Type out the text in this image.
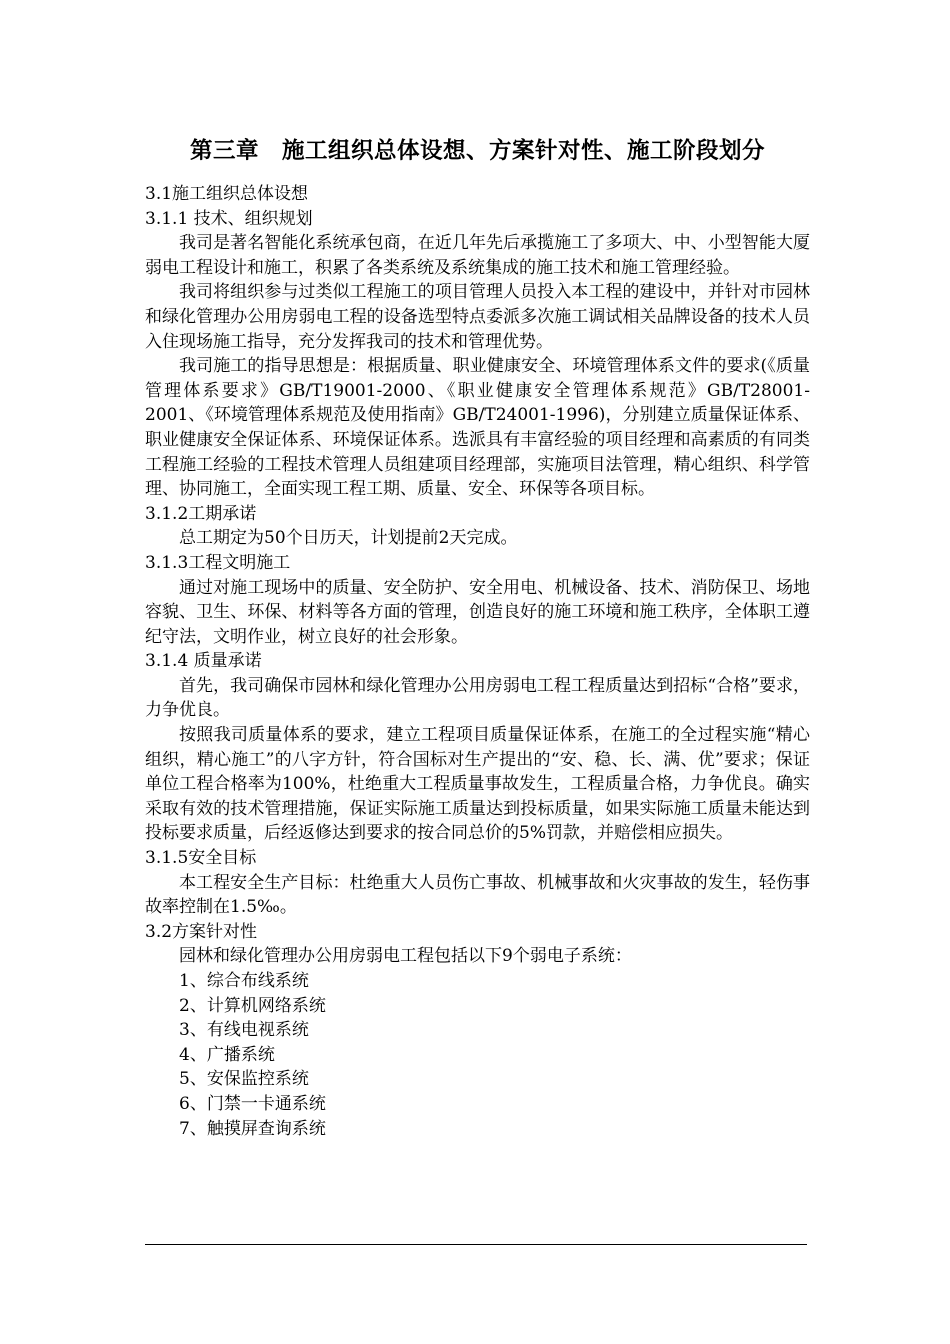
第三章　施工组织总体设想、方案针对性、施工阶段划分
3.1施工组织总体设想
3.1.1 技术、组织规划
我司是著名智能化系统承包商，在近几年先后承揽施工了多项大、中、小型智能大厦弱电工程设计和施工，积累了各类系统及系统集成的施工技术和施工管理经验。
我司将组织参与过类似工程施工的项目管理人员投入本工程的建设中，并针对市园林和绿化管理办公用房弱电工程的设备选型特点委派多次施工调试相关品牌设备的技术人员入住现场施工指导，充分发挥我司的技术和管理优势。
我司施工的指导思想是：根据质量、职业健康安全、环境管理体系文件的要求(《质量管理体系要求》GB/T19001-2000、《职业健康安全管理体系规范》GB/T28001-2001、《环境管理体系规范及使用指南》GB/T24001-1996)，分别建立质量保证体系、职业健康安全保证体系、环境保证体系。选派具有丰富经验的项目经理和高素质的有同类工程施工经验的工程技术管理人员组建项目经理部，实施项目法管理，精心组织、科学管理、协同施工，全面实现工程工期、质量、安全、环保等各项目标。
3.1.2工期承诺
总工期定为50个日历天，计划提前2天完成。
3.1.3工程文明施工
通过对施工现场中的质量、安全防护、安全用电、机械设备、技术、消防保卫、场地容貌、卫生、环保、材料等各方面的管理，创造良好的施工环境和施工秩序，全体职工遵纪守法，文明作业，树立良好的社会形象。
3.1.4 质量承诺
首先，我司确保市园林和绿化管理办公用房弱电工程工程质量达到招标“合格”要求，力争优良。
按照我司质量体系的要求，建立工程项目质量保证体系，在施工的全过程实施“精心组织，精心施工”的八字方针，符合国标对生产提出的“安、稳、长、满、优”要求；保证单位工程合格率为100%，杜绝重大工程质量事故发生，工程质量合格，力争优良。确实采取有效的技术管理措施，保证实际施工质量达到投标质量，如果实际施工质量未能达到投标要求质量，后经返修达到要求的按合同总价的5%罚款，并赔偿相应损失。
3.1.5安全目标
本工程安全生产目标：杜绝重大人员伤亡事故、机械事故和火灾事故的发生，轻伤事故率控制在1.5‰。
3.2方案针对性
园林和绿化管理办公用房弱电工程包括以下9个弱电子系统：
1、综合布线系统
2、计算机网络系统
3、有线电视系统
4、广播系统
5、安保监控系统
6、门禁一卡通系统
7、触摸屏查询系统
